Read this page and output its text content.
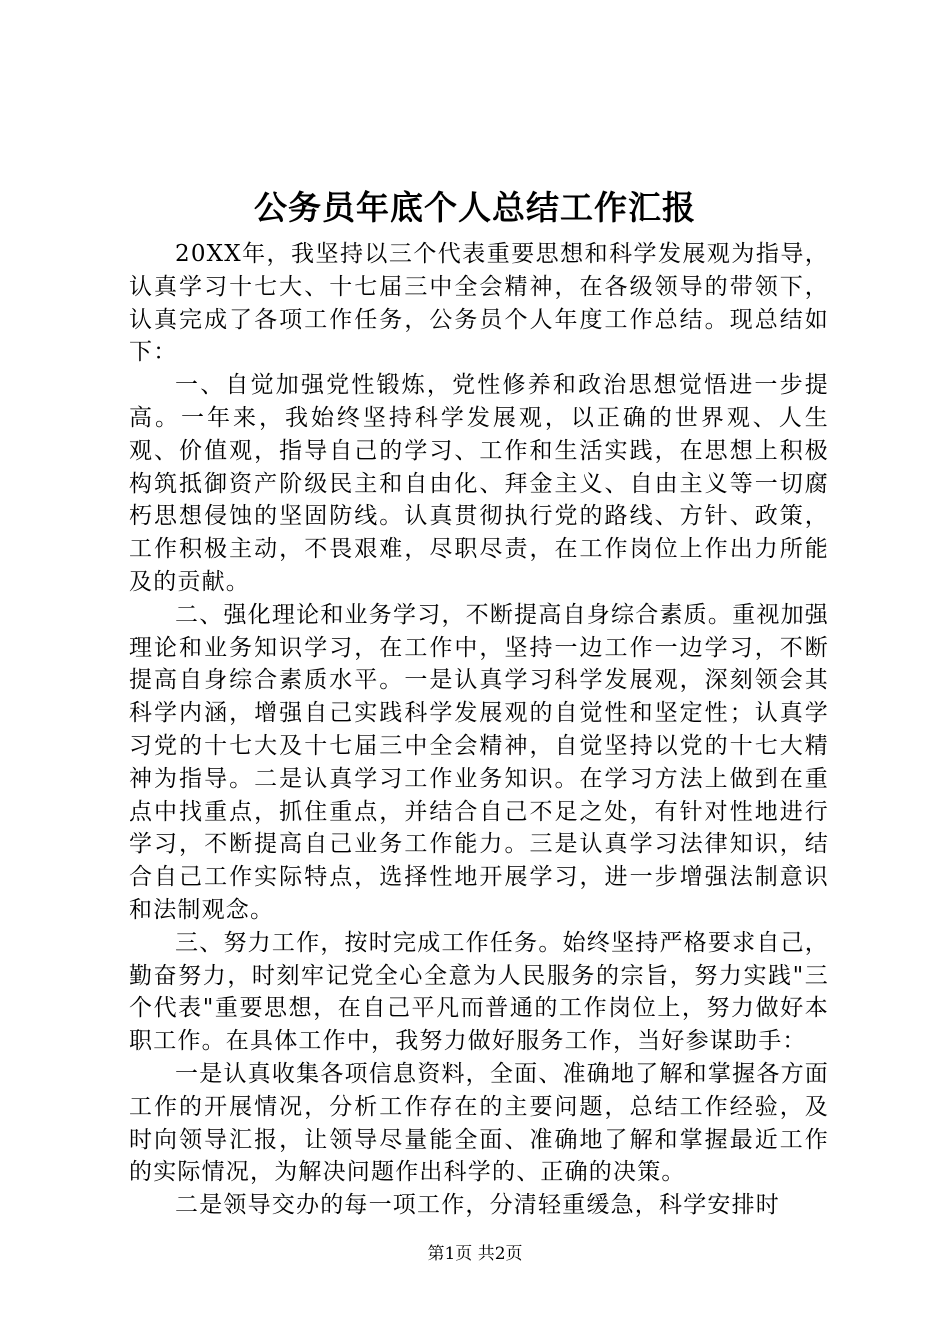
公务员年底个人总结工作汇报

20XX年，我坚持以三个代表重要思想和科学发展观为指导，认真学习十七大、十七届三中全会精神，在各级领导的带领下，认真完成了各项工作任务，公务员个人年度工作总结。现总结如下：

一、自觉加强党性锻炼，党性修养和政治思想觉悟进一步提高。一年来，我始终坚持科学发展观，以正确的世界观、人生观、价值观，指导自己的学习、工作和生活实践，在思想上积极构筑抵御资产阶级民主和自由化、拜金主义、自由主义等一切腐朽思想侵蚀的坚固防线。认真贯彻执行党的路线、方针、政策，工作积极主动，不畏艰难，尽职尽责，在工作岗位上作出力所能及的贡献。

二、强化理论和业务学习，不断提高自身综合素质。重视加强理论和业务知识学习，在工作中，坚持一边工作一边学习，不断提高自身综合素质水平。一是认真学习科学发展观，深刻领会其科学内涵，增强自己实践科学发展观的自觉性和坚定性；认真学习党的十七大及十七届三中全会精神，自觉坚持以党的十七大精神为指导。二是认真学习工作业务知识。在学习方法上做到在重点中找重点，抓住重点，并结合自己不足之处，有针对性地进行学习，不断提高自己业务工作能力。三是认真学习法律知识，结合自己工作实际特点，选择性地开展学习，进一步增强法制意识和法制观念。

三、努力工作，按时完成工作任务。始终坚持严格要求自己，勤奋努力，时刻牢记党全心全意为人民服务的宗旨，努力实践"三个代表"重要思想，在自己平凡而普通的工作岗位上，努力做好本职工作。在具体工作中，我努力做好服务工作，当好参谋助手：

一是认真收集各项信息资料，全面、准确地了解和掌握各方面工作的开展情况，分析工作存在的主要问题，总结工作经验，及时向领导汇报，让领导尽量能全面、准确地了解和掌握最近工作的实际情况，为解决问题作出科学的、正确的决策。

二是领导交办的每一项工作，分清轻重缓急，科学安排时

第1页 共2页
